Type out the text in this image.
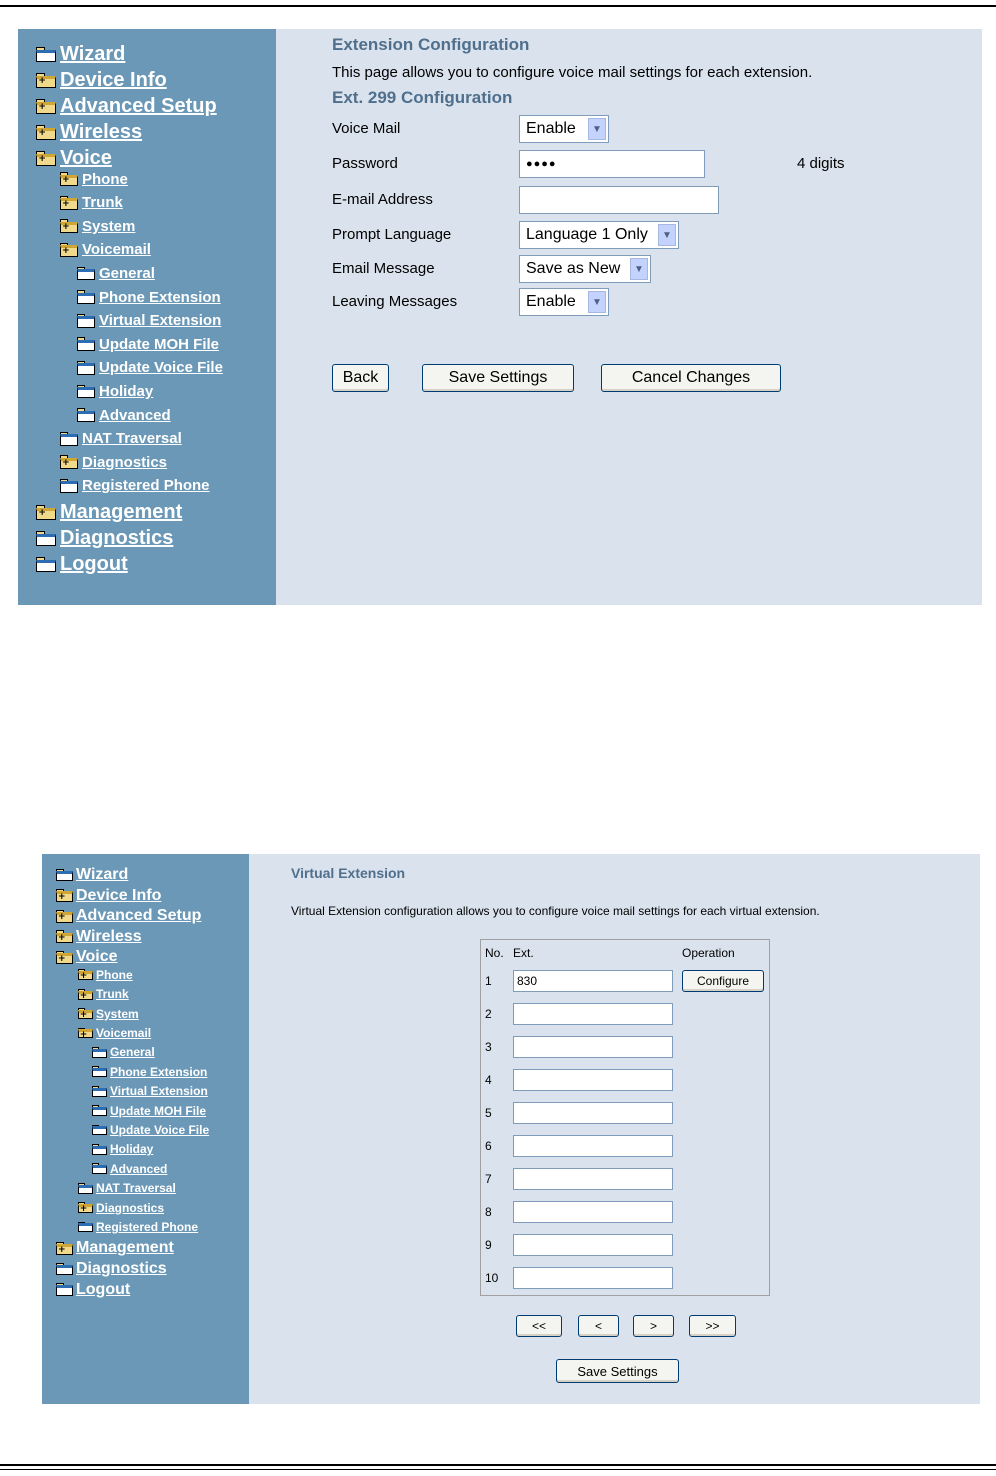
Wizard
+ Device Info
+ Advanced Setup
+ Wireless
+ Voice
+ Phone
+ Trunk
+ System
+ Voicemail
General
Phone Extension
Virtual Extension
Update MOH File
Update Voice File
Holiday
Advanced
NAT Traversal
+ Diagnostics
Registered Phone
+ Management
Diagnostics
Logout
Extension Configuration
This page allows you to configure voice mail settings for each extension.
Ext. 299 Configuration
Voice Mail	Enable	▼
Password	●●●●	4 digits
E-mail Address
Prompt Language	Language 1 Only	▼
Email Message	Save as New	▼
Leaving Messages	Enable	▼
Back	Save Settings	Cancel Changes
Wizard
+ Device Info
+ Advanced Setup
+ Wireless
+ Voice
+ Phone
+ Trunk
+ System
+ Voicemail
General
Phone Extension
Virtual Extension
Update MOH File
Update Voice File
Holiday
Advanced
NAT Traversal
+ Diagnostics
Registered Phone
+ Management
Diagnostics
Logout
Virtual Extension
Virtual Extension configuration allows you to configure voice mail settings for each virtual extension.
No. Ext.	Operation
1 830	Configure
2
3
4
5
6
7
8
9
10
<<	<	>	>>
Save Settings
